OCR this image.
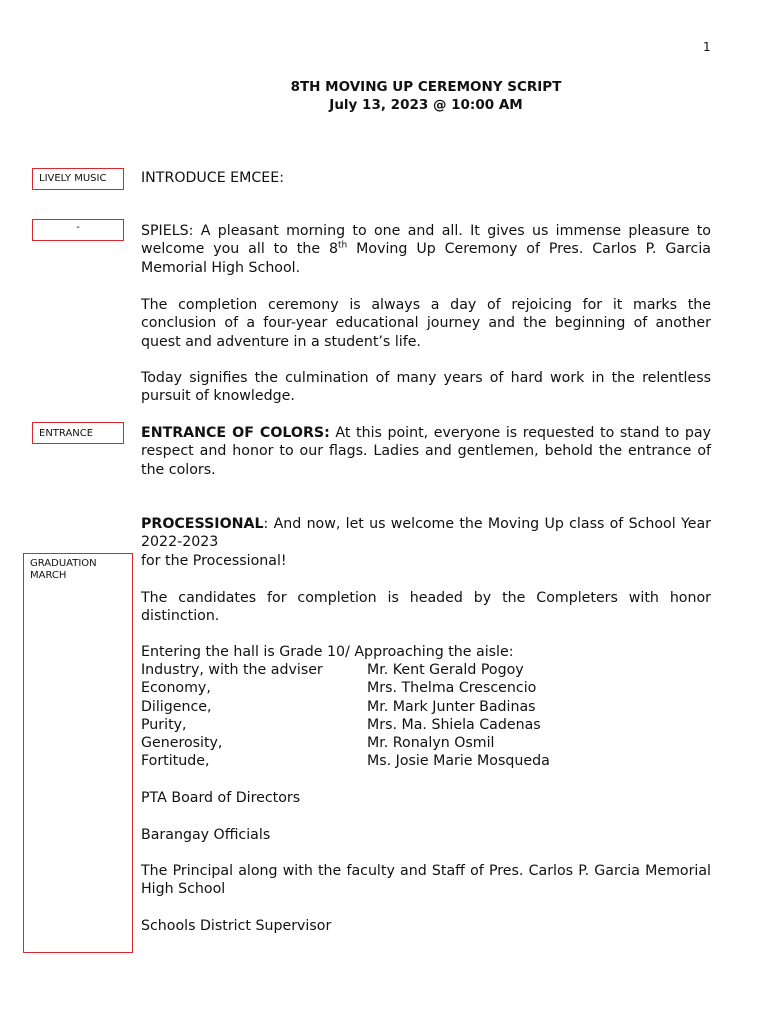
1
8TH MOVING UP CEREMONY SCRIPT
July 13, 2023 @ 10:00 AM
LIVELY MUSIC
-
ENTRANCE
GRADUATION MARCH

INTRODUCE EMCEE:

SPIELS: A pleasant morning to one and all. It gives us immense pleasure to welcome you all to the 8th Moving Up Ceremony of Pres. Carlos P. Garcia Memorial High School.

The completion ceremony is always a day of rejoicing for it marks the conclusion of a four-year educational journey and the beginning of another quest and adventure in a student’s life.

Today signifies the culmination of many years of hard work in the relentless pursuit of knowledge.

ENTRANCE OF COLORS: At this point, everyone is requested to stand to pay respect and honor to our flags. Ladies and gentlemen, behold the entrance of the colors.

PROCESSIONAL: And now, let us welcome the Moving Up class of School Year 2022-2023

for the Processional!

The candidates for completion is headed by the Completers with honor distinction.

Entering the hall is Grade 10/ Approaching the aisle:

Industry, with the adviser	Mr. Kent Gerald Pogoy
Economy,	Mrs. Thelma Crescencio
Diligence,	Mr. Mark Junter Badinas
Purity,	Mrs. Ma. Shiela Cadenas
Generosity,	Mr. Ronalyn Osmil
Fortitude,	Ms. Josie Marie Mosqueda

PTA Board of Directors

Barangay Officials

The Principal along with the faculty and Staff of Pres. Carlos P. Garcia Memorial High School

Schools District Supervisor
